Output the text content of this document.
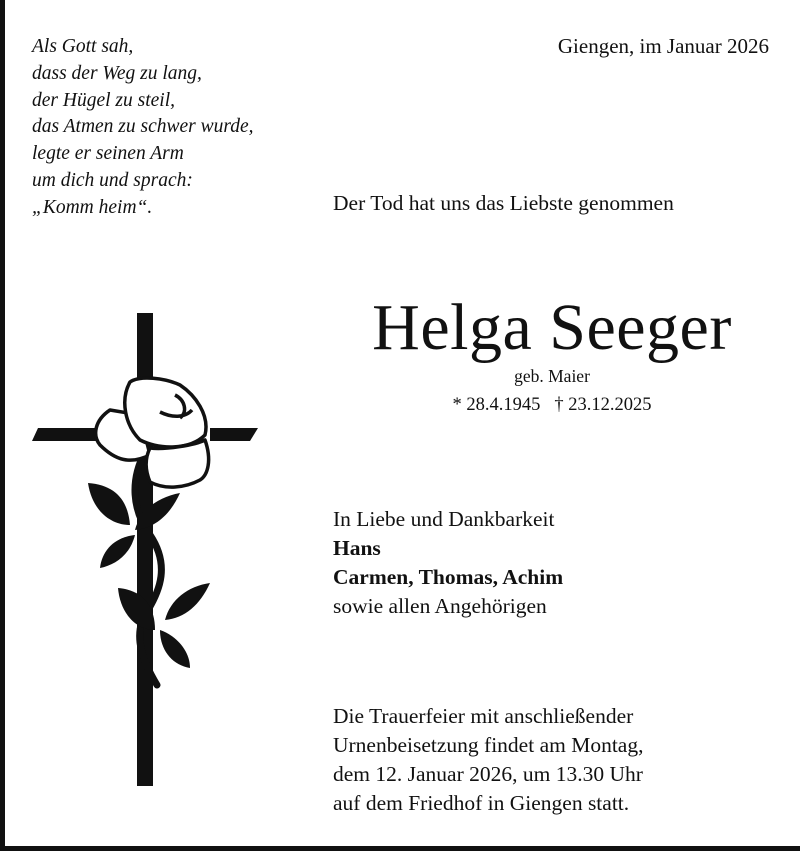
Als Gott sah,
dass der Weg zu lang,
der Hügel zu steil,
das Atmen zu schwer wurde,
legte er seinen Arm
um dich und sprach:
„Komm heim“.
Giengen, im Januar 2026
Der Tod hat uns das Liebste genommen
Helga Seeger
geb. Maier
* 28.4.1945 † 23.12.2025
In Liebe und Dankbarkeit
Hans
Carmen, Thomas, Achim
sowie allen Angehörigen
Die Trauerfeier mit anschließender
Urnenbeisetzung findet am Montag,
dem 12. Januar 2026, um 13.30 Uhr
auf dem Friedhof in Giengen statt.
